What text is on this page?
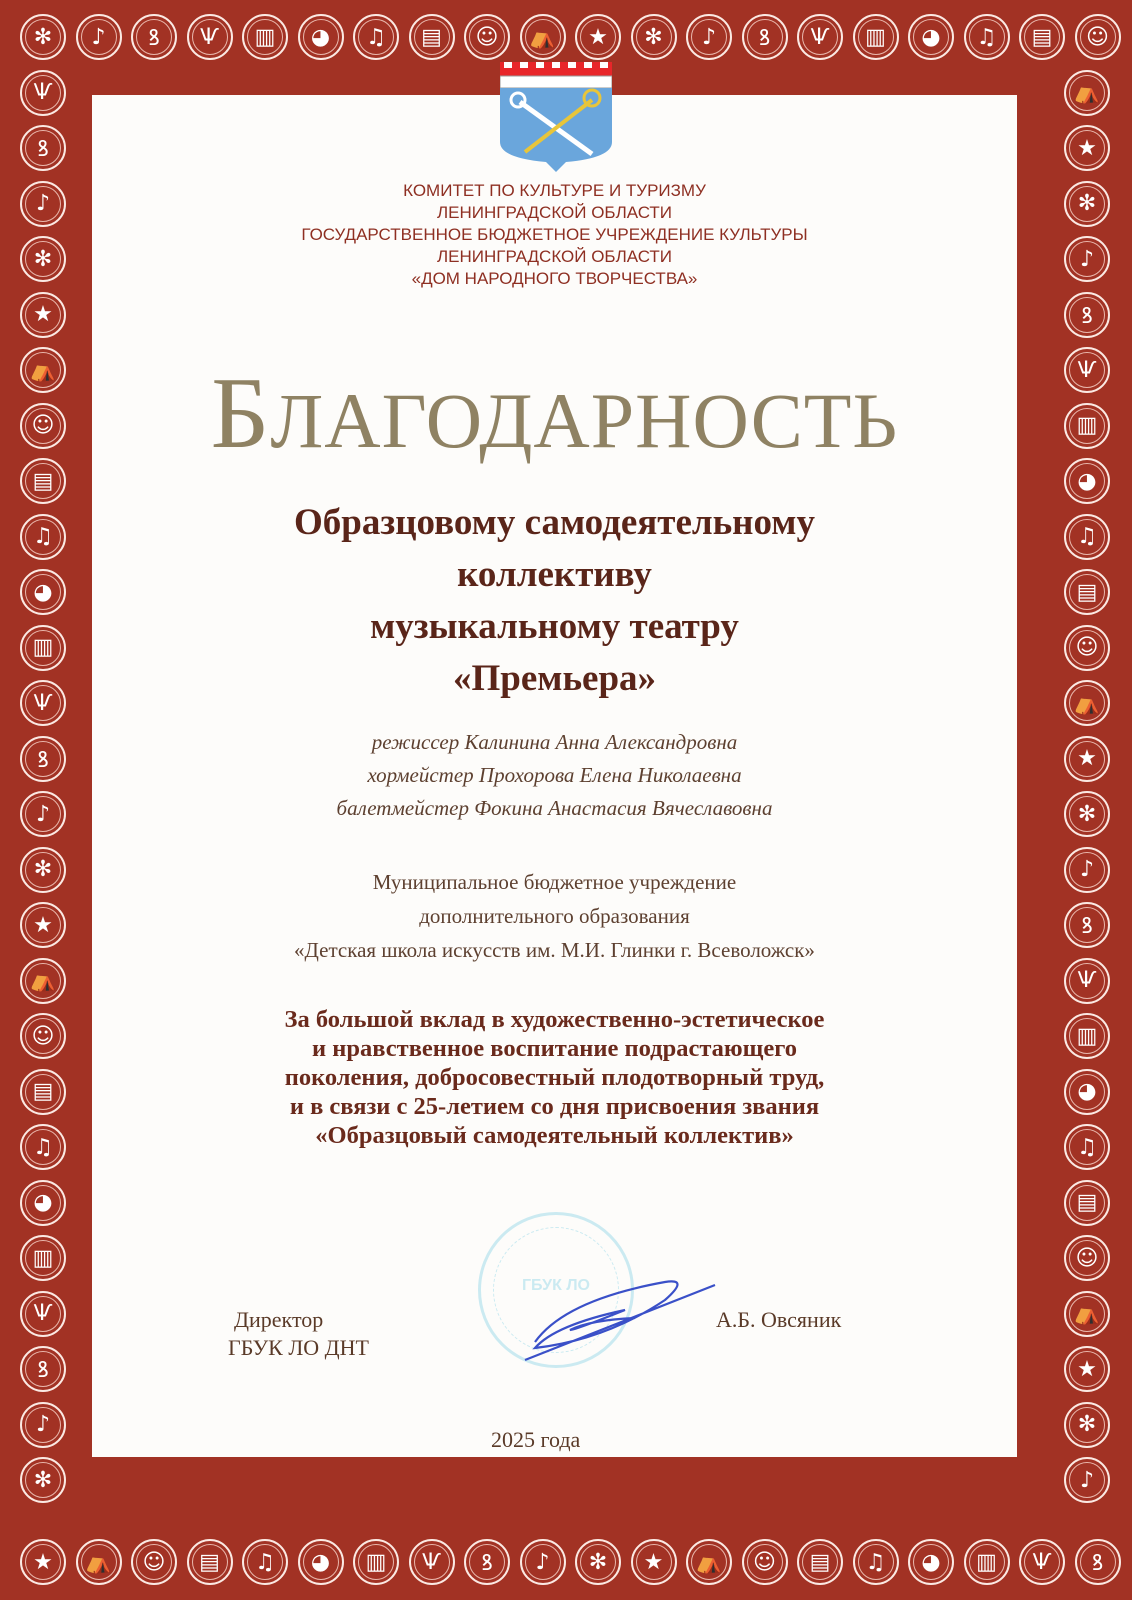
✻	♪	ꝸ	Ѱ	▥	◕	♫	▤	☺	⛺	★	✻	♪	ꝸ	Ѱ	▥	◕	♫	▤	☺
⛺
★
✻
♪
ꝸ
Ѱ
▥
◕
♫
▤
☺
⛺
★
✻
♪
ꝸ
Ѱ
▥
◕
♫
▤
☺
⛺
★
✻
♪
ꝸ
Ѱ
▥
◕
♫
▤
☺
⛺
★
✻
♪
ꝸ
Ѱ
▥
◕
♫
▤
☺
⛺
★
✻
♪
ꝸ
Ѱ
▥
◕
♫
▤
☺
⛺
★
✻
♪
ꝸ
Ѱ
▥
◕
♫
▤
☺
⛺
★
✻
♪
ꝸ
Ѱ
КОМИТЕТ ПО КУЛЬТУРЕ И ТУРИЗМУ
ЛЕНИНГРАДСКОЙ ОБЛАСТИ
ГОСУДАРСТВЕННОЕ БЮДЖЕТНОЕ УЧРЕЖДЕНИЕ КУЛЬТУРЫ
ЛЕНИНГРАДСКОЙ ОБЛАСТИ
«ДОМ НАРОДНОГО ТВОРЧЕСТВА»
БЛАГОДАРНОСТЬ
Образцовому самодеятельному
коллективу
музыкальному театру
«Премьера»
режиссер Калинина Анна Александровна
хормейстер Прохорова Елена Николаевна
балетмейстер Фокина Анастасия Вячеславовна
Муниципальное бюджетное учреждение
дополнительного образования
«Детская школа искусств им. М.И. Глинки г. Всеволожск»
За большой вклад в художественно-эстетическое
и нравственное воспитание подрастающего
поколения, добросовестный плодотворный труд,
и в связи с 25-летием со дня присвоения звания
«Образцовый самодеятельный коллектив»
ГБУК ЛО
Директор
ГБУК ЛО ДНТ
А.Б. Овсяник
2025 года
